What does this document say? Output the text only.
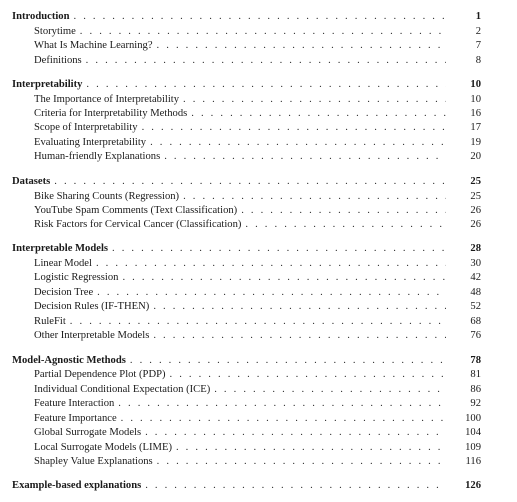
Introduction . . .	1
Storytime . . .	2
What Is Machine Learning? . . .	7
Definitions . . .	8
Interpretability . . .	10
The Importance of Interpretability . . .	10
Criteria for Interpretability Methods . . .	16
Scope of Interpretability . . .	17
Evaluating Interpretability . . .	19
Human-friendly Explanations . . .	20
Datasets . . .	25
Bike Sharing Counts (Regression) . . .	25
YouTube Spam Comments (Text Classification) . . .	26
Risk Factors for Cervical Cancer (Classification) . . .	26
Interpretable Models . . .	28
Linear Model . . .	30
Logistic Regression . . .	42
Decision Tree . . .	48
Decision Rules (IF-THEN) . . .	52
RuleFit . . .	68
Other Interpretable Models . . .	76
Model-Agnostic Methods . . .	78
Partial Dependence Plot (PDP) . . .	81
Individual Conditional Expectation (ICE) . . .	86
Feature Interaction . . .	92
Feature Importance . . .	100
Global Surrogate Models . . .	104
Local Surrogate Models (LIME) . . .	109
Shapley Value Explanations . . .	116
Example-based explanations . . .	126
